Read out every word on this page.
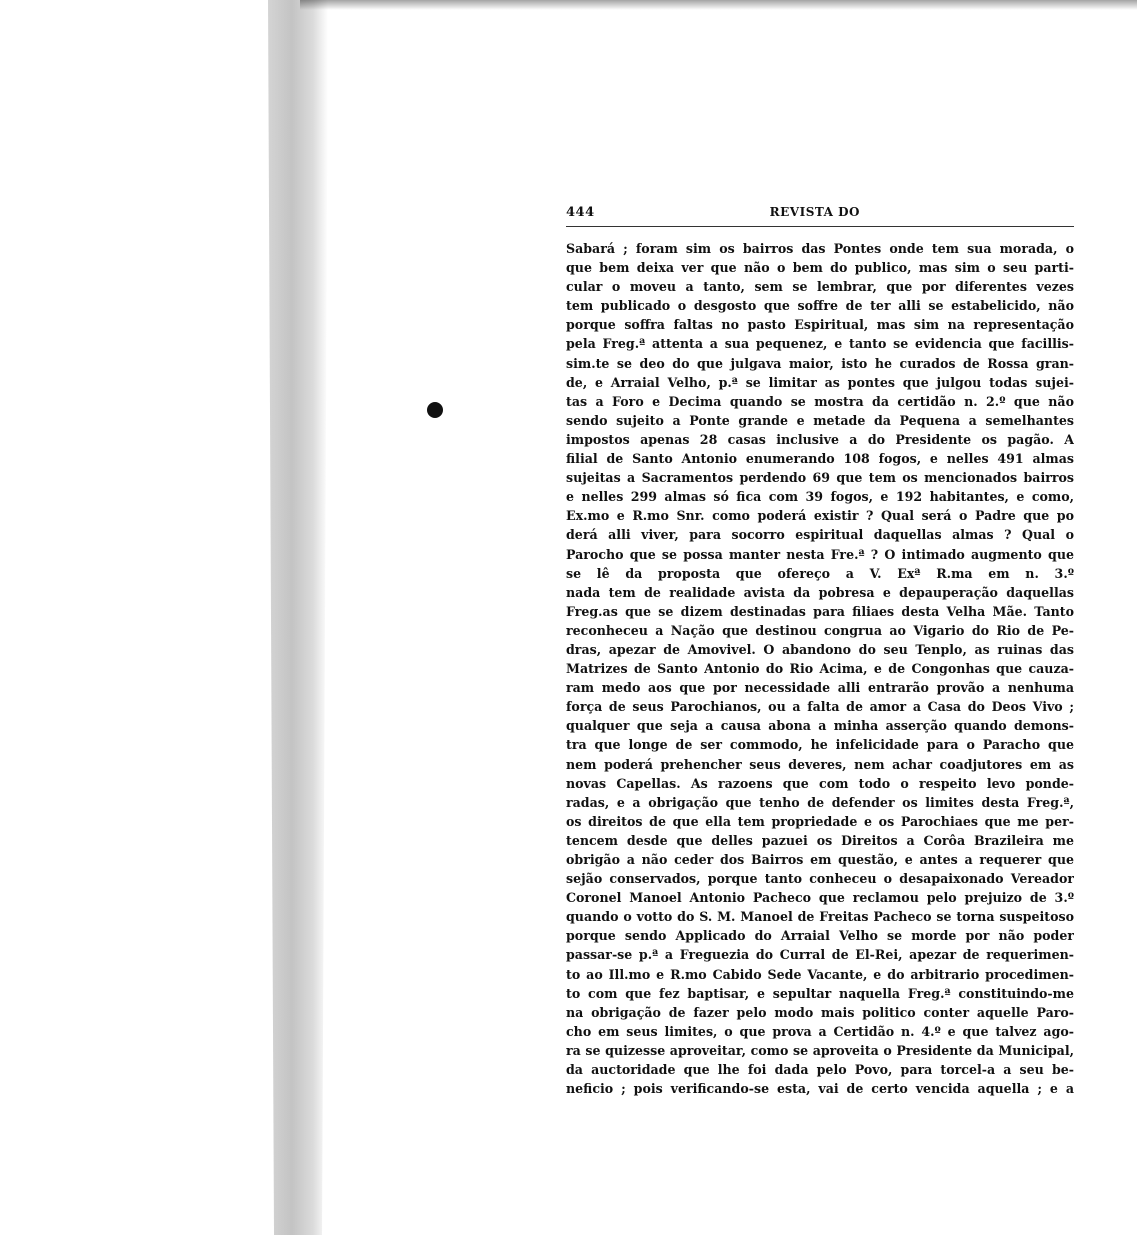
444	REVISTA DO

Sabará ; foram sim os bairros das Pontes onde tem sua morada, o

que bem deixa ver que não o bem do publico, mas sim o seu parti-

cular o moveu a tanto, sem se lembrar, que por diferentes vezes

tem publicado o desgosto que soffre de ter alli se estabelicido, não

porque soffra faltas no pasto Espiritual, mas sim na representação

pela Freg.ª attenta a sua pequenez, e tanto se evidencia que facillis-

sim.te se deo do que julgava maior, isto he curados de Rossa gran-

de, e Arraial Velho, p.ª se limitar as pontes que julgou todas sujei-

tas a Foro e Decima quando se mostra da certidão n. 2.º que não

sendo sujeito a Ponte grande e metade da Pequena a semelhantes

impostos apenas 28 casas inclusive a do Presidente os pagão. A

filial de Santo Antonio enumerando 108 fogos, e nelles 491 almas

sujeitas a Sacramentos perdendo 69 que tem os mencionados bairros

e nelles 299 almas só fica com 39 fogos, e 192 habitantes, e como,

Ex.mo e R.mo Snr. como poderá existir ? Qual será o Padre que po

derá alli viver, para socorro espiritual daquellas almas ? Qual o

Parocho que se possa manter nesta Fre.ª ? O intimado augmento que

se lê da proposta que ofereço a V. Exª R.ma em n. 3.º

nada tem de realidade avista da pobresa e depauperação daquellas

Freg.as que se dizem destinadas para filiaes desta Velha Mãe. Tanto

reconheceu a Nação que destinou congrua ao Vigario do Rio de Pe-

dras, apezar de Amovivel. O abandono do seu Tenplo, as ruinas das

Matrizes de Santo Antonio do Rio Acima, e de Congonhas que cauza-

ram medo aos que por necessidade alli entrarão provão a nenhuma

força de seus Parochianos, ou a falta de amor a Casa do Deos Vivo ;

qualquer que seja a causa abona a minha asserção quando demons-

tra que longe de ser commodo, he infelicidade para o Paracho que

nem poderá prehencher seus deveres, nem achar coadjutores em as

novas Capellas. As razoens que com todo o respeito levo ponde-

radas, e a obrigação que tenho de defender os limites desta Freg.ª,

os direitos de que ella tem propriedade e os Parochiaes que me per-

tencem desde que delles pazuei os Direitos a Corôa Brazileira me

obrigão a não ceder dos Bairros em questão, e antes a requerer que

sejão conservados, porque tanto conheceu o desapaixonado Vereador

Coronel Manoel Antonio Pacheco que reclamou pelo prejuizo de 3.º

quando o votto do S. M. Manoel de Freitas Pacheco se torna suspeitoso

porque sendo Applicado do Arraial Velho se morde por não poder

passar-se p.ª a Freguezia do Curral de El-Rei, apezar de requerimen-

to ao Ill.mo e R.mo Cabido Sede Vacante, e do arbitrario procedimen-

to com que fez baptisar, e sepultar naquella Freg.ª constituindo-me

na obrigação de fazer pelo modo mais politico conter aquelle Paro-

cho em seus limites, o que prova a Certidão n. 4.º e que talvez ago-

ra se quizesse aproveitar, como se aproveita o Presidente da Municipal,

da auctoridade que lhe foi dada pelo Povo, para torcel-a a seu be-

neficio ; pois verificando-se esta, vai de certo vencida aquella ; e a
